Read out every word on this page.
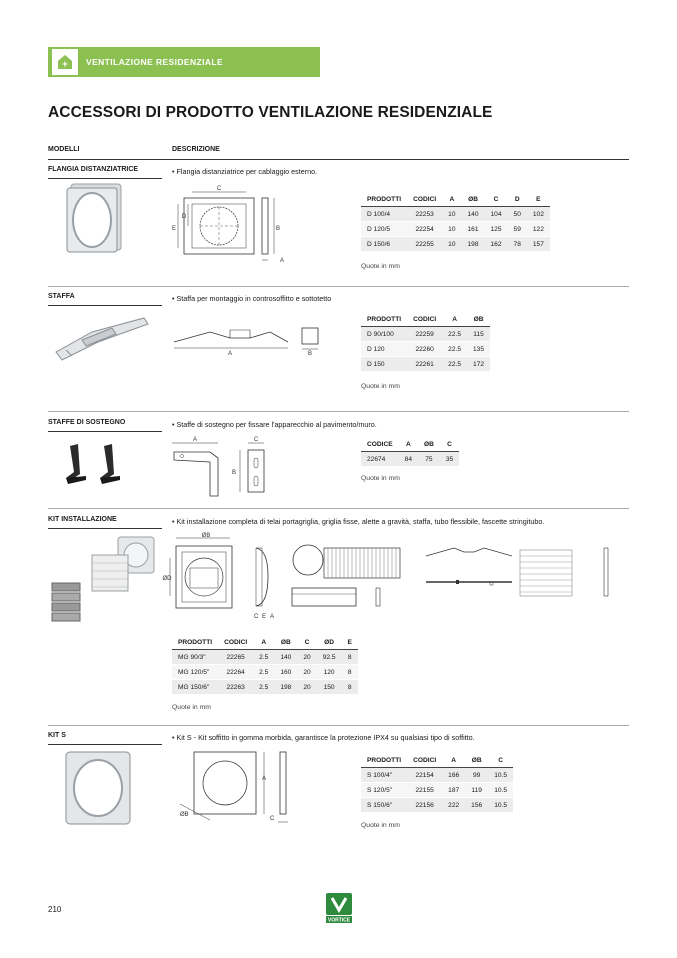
VENTILAZIONE RESIDENZIALE
ACCESSORI DI PRODOTTO VENTILAZIONE RESIDENZIALE
MODELLI	DESCRIZIONE
FLANGIA DISTANZIATRICE	• Flangia distanziatrice per cablaggio esterno.
C
D
E	B
A
PRODOTTI	CODICI	A	ØB	C	D	E
D 100/4	22253	10	140	104	50	102
D 120/5	22254	10	161	125	59	122
D 150/6	22255	10	198	162	78	157
Quote in mm
STAFFA	• Staffa per montaggio in controsoffitto e sottotetto
A	B
PRODOTTI	CODICI	A	ØB
D 90/100	22259	22.5	115
D 120	22260	22.5	135
D 150	22261	22.5	172
Quote in mm
STAFFE DI SOSTEGNO	• Staffe di sostegno per fissare l'apparecchio al pavimento/muro.
A	C
B
CODICE	A	ØB	C
22674	84	75	35
Quote in mm
KIT INSTALLAZIONE	• Kit installazione completa di telai portagriglia, griglia fisse, alette a gravità, staffa, tubo flessibile, fascette stringitubo.
ØB
ØD
C E A
PRODOTTI	CODICI	A	ØB	C	ØD	E
MG 90/3"	22265	2.5	140	20	92.5	8
MG 120/5"	22264	2.5	160	20	120	8
MG 150/6"	22263	2.5	198	20	150	8
Quote in mm
KIT S	• Kit S - Kit soffitto in gomma morbida, garantisce la protezione IPX4 su qualsiasi tipo di soffitto.
A
ØB
C
PRODOTTI	CODICI	A	ØB	C
S 100/4"	22154	166	99	10.5
S 120/5"	22155	187	119	10.5
S 150/6"	22156	222	156	10.5
Quote in mm
210
VORTICE
